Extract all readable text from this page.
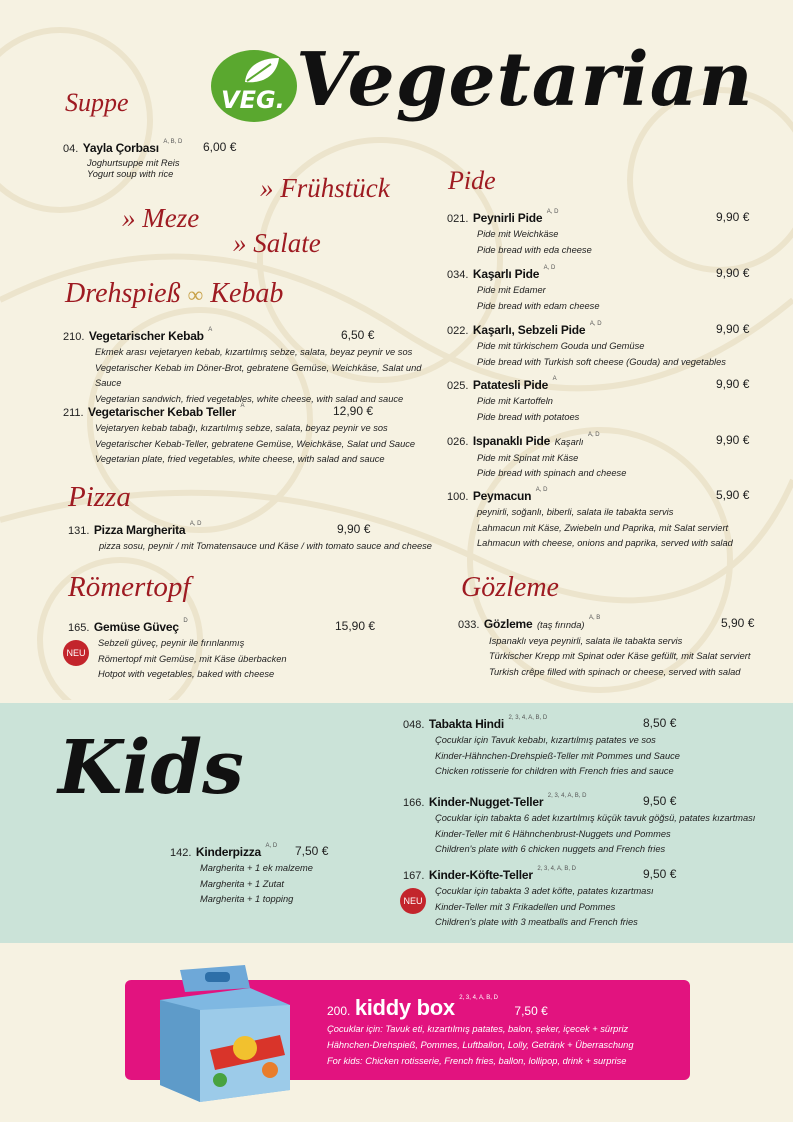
VEG. Vegetarian
Suppe
04. Yayla Çorbası $^{A, B, D}$ 6,00 €
Joghurtsuppe mit Reis
Yogurt soup with rice	» Frühstück
» Meze
» Salate
Drehspieß ∞ Kebab
210. Vegetarischer Kebab $^A$	6,50 €
Ekmek arası vejetaryen kebab, kızartılmış sebze, salata, beyaz peynir ve sos
Vegetarischer Kebab im Döner-Brot, gebratene Gemüse, Weichkäse, Salat und Sauce
Vegetarian sandwich, fried vegetables, white cheese, with salad and sauce
211. Vegetarischer Kebab Teller $^A$	12,90 €
Vejetaryen kebab tabağı, kızartılmış sebze, salata, beyaz peynir ve sos
Vegetarischer Kebab-Teller, gebratene Gemüse, Weichkäse, Salat und Sauce
Vegetarian plate, fried vegetables, white cheese, with salad and sauce
Pizza
131. Pizza Margherita $^{A, D}$	9,90 €
pizza sosu, peynir / mit Tomatensauce und Käse / with tomato sauce and cheese
Römertopf
165. Gemüse Güveç $^D$	15,90 €
Sebzeli güveç, peynir ile fırınlanmış
Römertopf mit Gemüse, mit Käse überbacken
Hotpot with vegetables, baked with cheese
NEU
Pide
021. Peynirli Pide $^{A, D}$	9,90 €
Pide mit Weichkäse
Pide bread with eda cheese
034. Kaşarlı Pide $^{A, D}$	9,90 €
Pide mit Edamer
Pide bread with edam cheese
022. Kaşarlı, Sebzeli Pide $^{A, D}$	9,90 €
Pide mit türkischem Gouda und Gemüse
Pide bread with Turkish soft cheese (Gouda) and vegetables
025. Patatesli Pide $^A$	9,90 €
Pide mit Kartoffeln
Pide bread with potatoes
026. Ispanaklı Pide Kaşarlı $^{A, D}$	9,90 €
Pide mit Spinat mit Käse
Pide bread with spinach and cheese
100. Peymacun $^{A, D}$	5,90 €
peynirli, soğanlı, biberli, salata ile tabakta servis
Lahmacun mit Käse, Zwiebeln und Paprika, mit Salat serviert
Lahmacun with cheese, onions and paprika, served with salad
Gözleme
033. Gözleme (taş fırında) $^{A, B}$	5,90 €
Ispanaklı veya peynirli, salata ile tabakta servis
Türkischer Krepp mit Spinat oder Käse gefüllt, mit Salat serviert
Turkish crêpe filled with spinach or cheese, served with salad
Kids
142. Kinderpizza $^{A, D}$ 7,50 €
Margherita + 1 ek malzeme
Margherita + 1 Zutat
Margherita + 1 topping
048. Tabakta Hindi $^{2, 3, 4, A, B, D}$	8,50 €
Çocuklar için Tavuk kebabı, kızartılmış patates ve sos
Kinder-Hähnchen-Drehspieß-Teller mit Pommes und Sauce
Chicken rotisserie for children with French fries and sauce
166. Kinder-Nugget-Teller $^{2, 3, 4, A, B, D}$	9,50 €
Çocuklar için tabakta 6 adet kızartılmış küçük tavuk göğsü, patates kızartması
Kinder-Teller mit 6 Hähnchenbrust-Nuggets und Pommes
Children's plate with 6 chicken nuggets and French fries
167. Kinder-Köfte-Teller $^{2, 3, 4, A, B, D}$	9,50 €
Çocuklar için tabakta 3 adet köfte, patates kızartması
Kinder-Teller mit 3 Frikadellen und Pommes
Children's plate with 3 meatballs and French fries
NEU
200. kiddy box $^{2, 3, 4, A, B, D}$ 7,50 €
Çocuklar için: Tavuk eti, kızartılmış patates, balon, şeker, içecek + sürpriz
Hähnchen-Drehspieß, Pommes, Luftballon, Lolly, Getränk + Überraschung
For kids: Chicken rotisserie, French fries, ballon, lollipop, drink + surprise
